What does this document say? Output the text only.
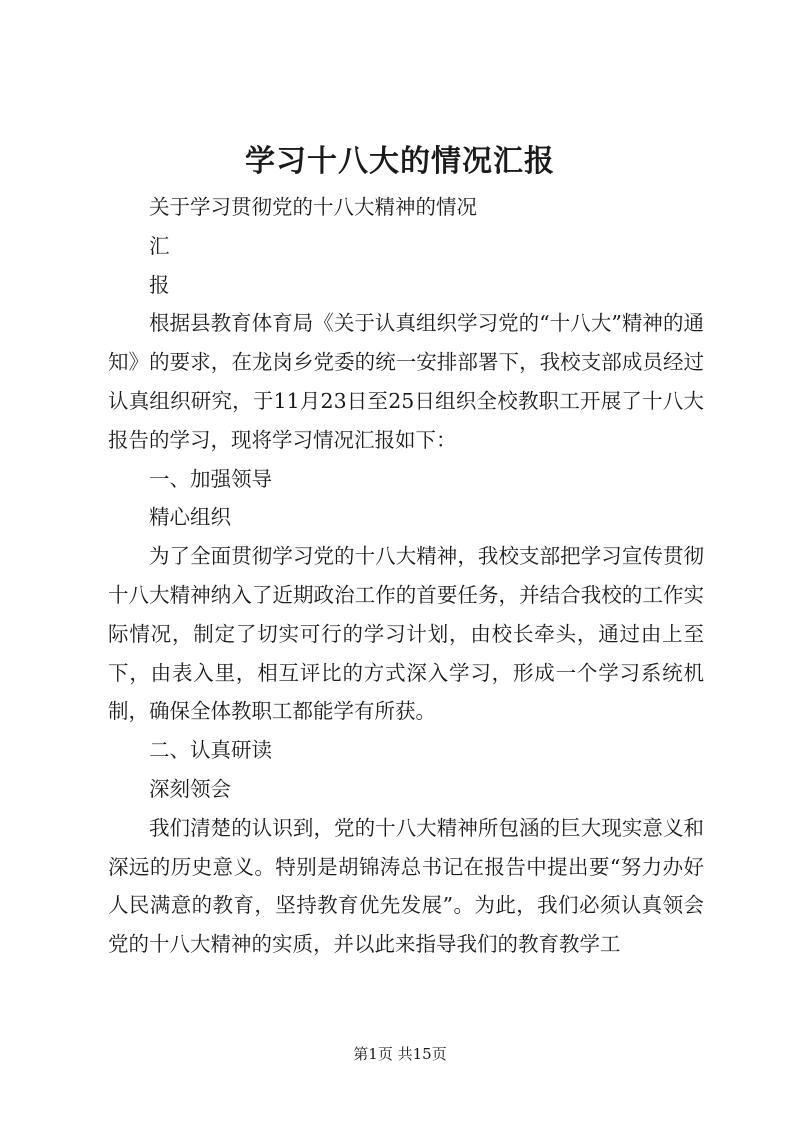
学习十八大的情况汇报

关于学习贯彻党的十八大精神的情况

汇

报

根据县教育体育局《关于认真组织学习党的“十八大”精神的通知》的要求，在龙岗乡党委的统一安排部署下，我校支部成员经过认真组织研究，于11月23日至25日组织全校教职工开展了十八大报告的学习，现将学习情况汇报如下：

一、加强领导

精心组织

为了全面贯彻学习党的十八大精神，我校支部把学习宣传贯彻十八大精神纳入了近期政治工作的首要任务，并结合我校的工作实际情况，制定了切实可行的学习计划，由校长牵头，通过由上至下，由表入里，相互评比的方式深入学习，形成一个学习系统机制，确保全体教职工都能学有所获。

二、认真研读

深刻领会

我们清楚的认识到，党的十八大精神所包涵的巨大现实意义和深远的历史意义。特别是胡锦涛总书记在报告中提出要“努力办好人民满意的教育，坚持教育优先发展”。为此，我们必须认真领会党的十八大精神的实质，并以此来指导我们的教育教学工

第1页 共15页
